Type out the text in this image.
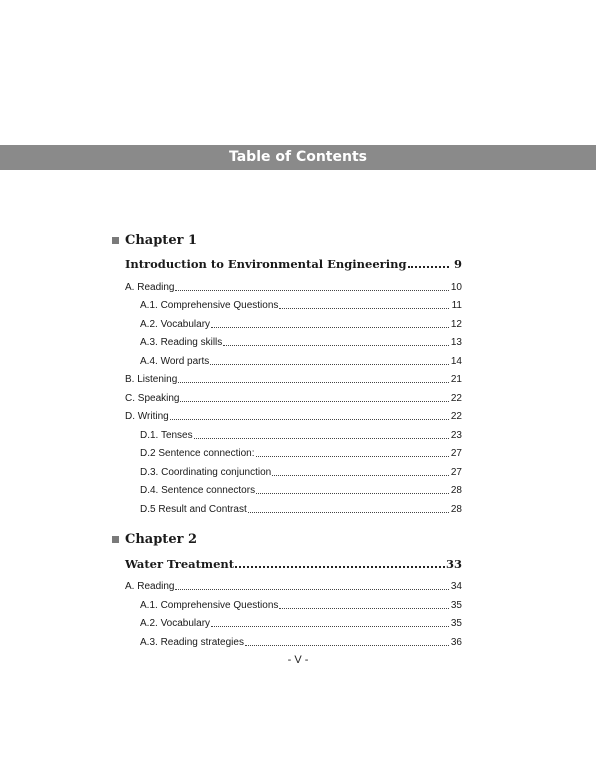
Table of Contents
Chapter 1
Introduction to Environmental Engineering	9
A. Reading	10
A.1. Comprehensive Questions	11
A.2. Vocabulary	12
A.3. Reading skills	13
A.4. Word parts	14
B. Listening	21
C. Speaking	22
D. Writing	22
D.1. Tenses	23
D.2 Sentence connection:	27
D.3. Coordinating conjunction	27
D.4. Sentence connectors	28
D.5 Result and Contrast	28
Chapter 2
Water Treatment	33
A. Reading	34
A.1. Comprehensive Questions	35
A.2. Vocabulary	35
A.3. Reading strategies	36
- V -
